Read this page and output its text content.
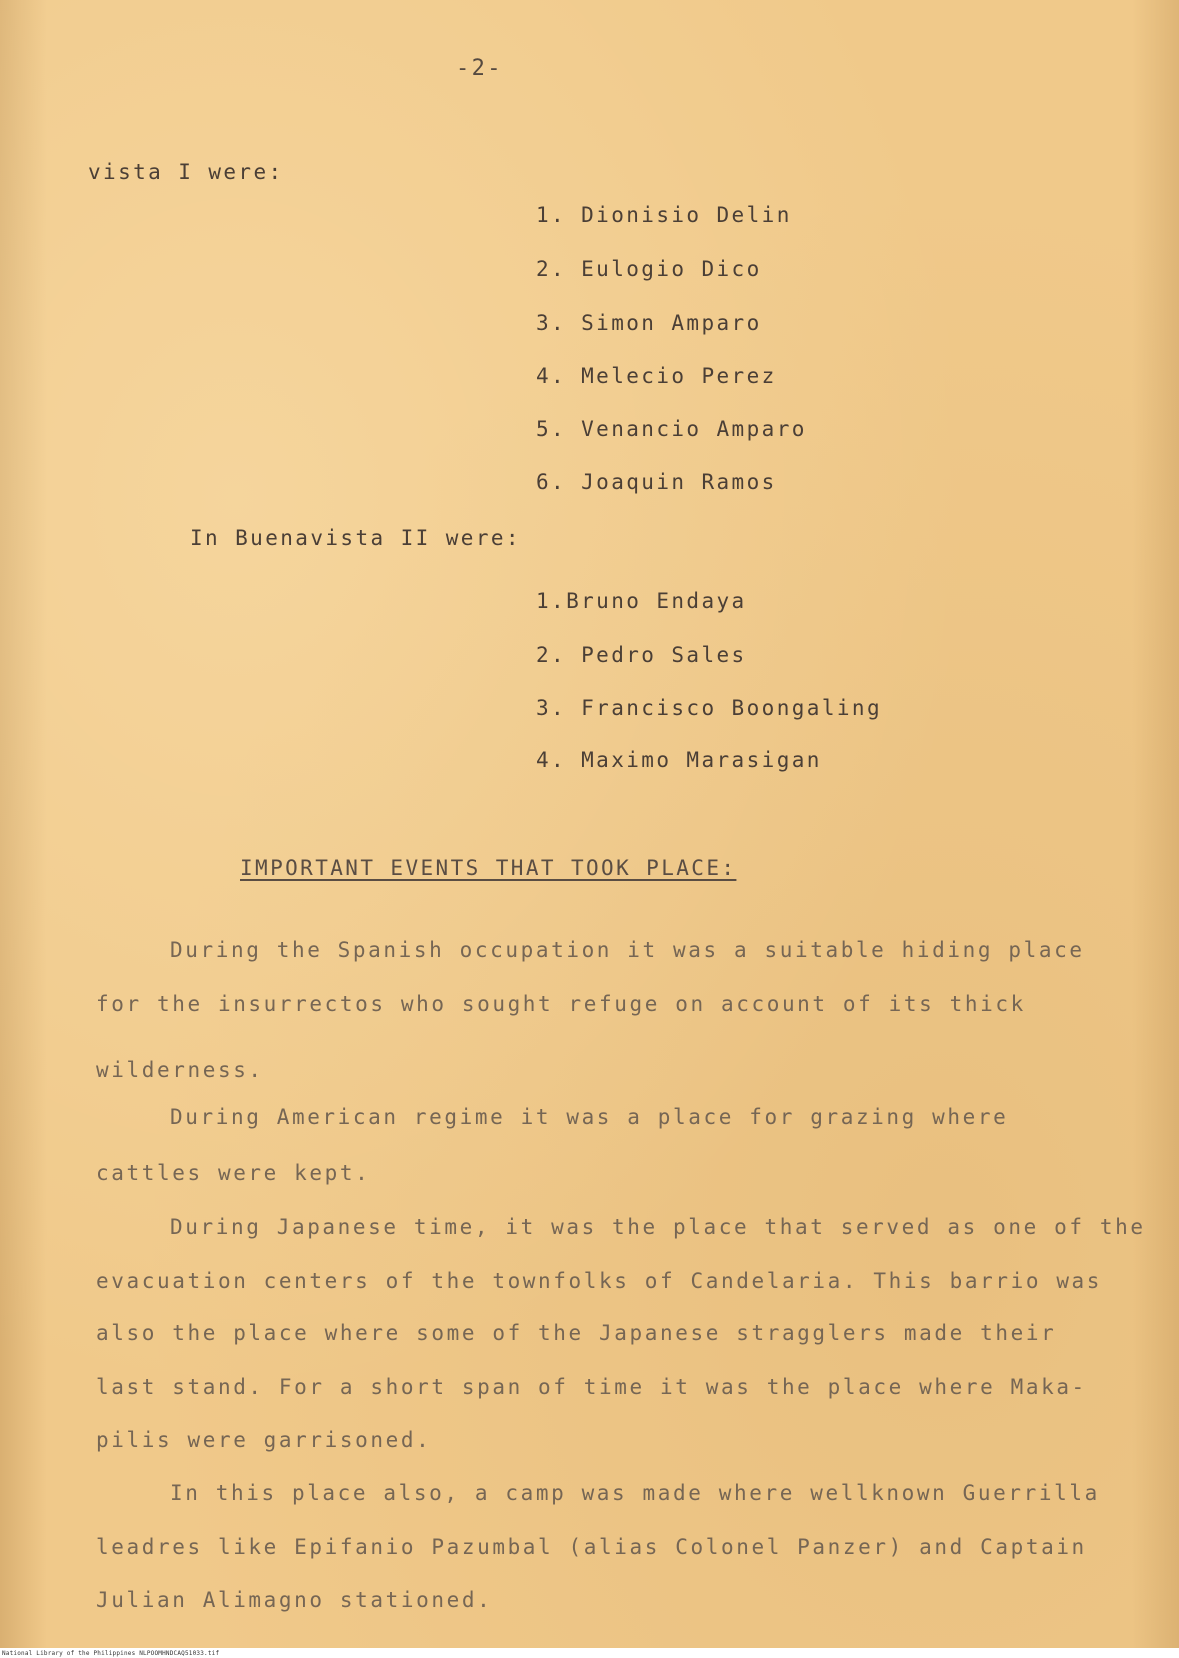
-2-
vista I were:
1. Dionisio Delin
2. Eulogio Dico
3. Simon Amparo
4. Melecio Perez
5. Venancio Amparo
6. Joaquin Ramos
In Buenavista II were:
1.Bruno Endaya
2. Pedro Sales
3. Francisco Boongaling
4. Maximo Marasigan
IMPORTANT EVENTS THAT TOOK PLACE:
During the Spanish occupation it was a suitable hiding place
for the insurrectos who sought refuge on account of its thick
wilderness.
During American regime it was a place for grazing where
cattles were kept.
During Japanese time, it was the place that served as one of the
evacuation centers of the townfolks of Candelaria. This barrio was
also the place where some of the Japanese stragglers made their
last stand. For a short span of time it was the place where Maka-
pilis were garrisoned.
In this place also, a camp was made where wellknown Guerrilla
leadres like Epifanio Pazumbal (alias Colonel Panzer) and Captain
Julian Alimagno stationed.
National Library of the Philippines NLPOOMHNDCAQ51033.tif
